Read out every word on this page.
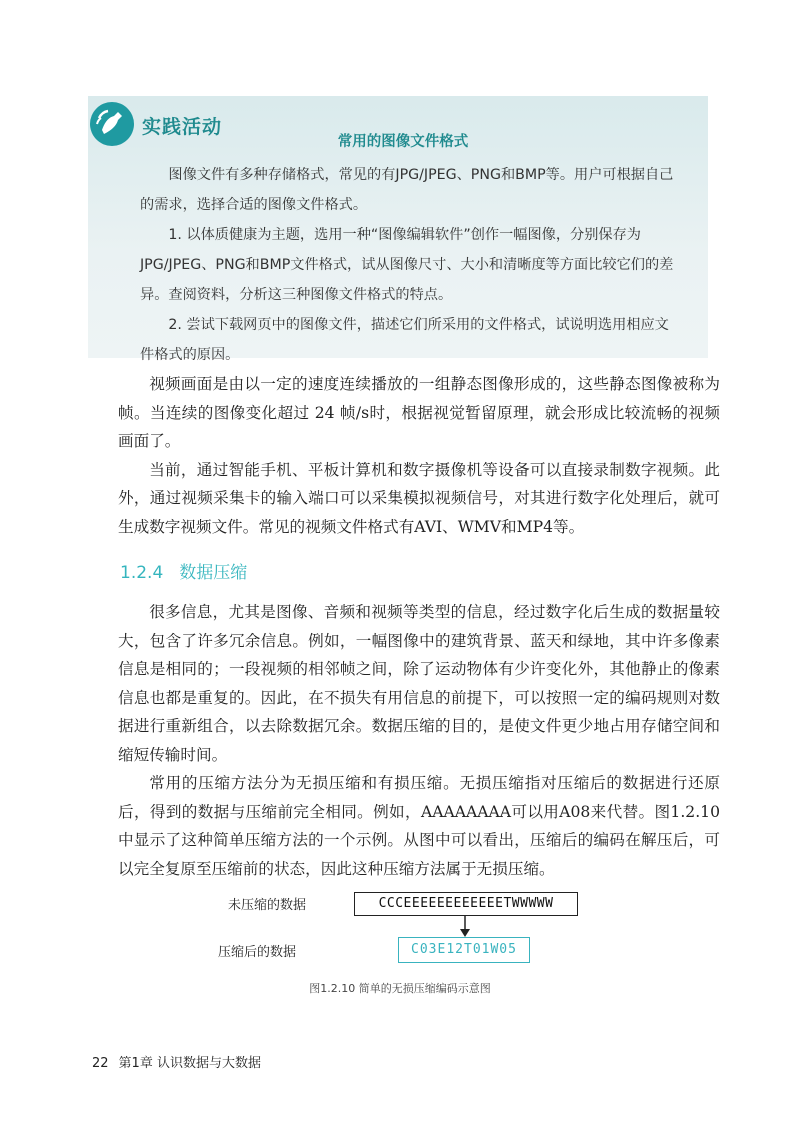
实践活动
常用的图像文件格式

图像文件有多种存储格式，常见的有JPG/JPEG、PNG和BMP等。用户可根据自己的需求，选择合适的图像文件格式。

1. 以体质健康为主题，选用一种“图像编辑软件”创作一幅图像，分别保存为JPG/JPEG、PNG和BMP文件格式，试从图像尺寸、大小和清晰度等方面比较它们的差异。查阅资料，分析这三种图像文件格式的特点。

2. 尝试下载网页中的图像文件，描述它们所采用的文件格式，试说明选用相应文件格式的原因。

视频画面是由以一定的速度连续播放的一组静态图像形成的，这些静态图像被称为帧。当连续的图像变化超过 24 帧/s时，根据视觉暂留原理，就会形成比较流畅的视频画面了。

当前，通过智能手机、平板计算机和数字摄像机等设备可以直接录制数字视频。此外，通过视频采集卡的输入端口可以采集模拟视频信号，对其进行数字化处理后，就可生成数字视频文件。常见的视频文件格式有AVI、WMV和MP4等。

1.2.4 数据压缩

很多信息，尤其是图像、音频和视频等类型的信息，经过数字化后生成的数据量较大，包含了许多冗余信息。例如，一幅图像中的建筑背景、蓝天和绿地，其中许多像素信息是相同的；一段视频的相邻帧之间，除了运动物体有少许变化外，其他静止的像素信息也都是重复的。因此，在不损失有用信息的前提下，可以按照一定的编码规则对数据进行重新组合，以去除数据冗余。数据压缩的目的，是使文件更少地占用存储空间和缩短传输时间。

常用的压缩方法分为无损压缩和有损压缩。无损压缩指对压缩后的数据进行还原后，得到的数据与压缩前完全相同。例如，AAAAAAAA可以用A08来代替。图1.2.10中显示了这种简单压缩方法的一个示例。从图中可以看出，压缩后的编码在解压后，可以完全复原至压缩前的状态，因此这种压缩方法属于无损压缩。

未压缩的数据	CCCEEEEEEEEEEEETWWWWW
压缩后的数据	C03E12T01W05
图1.2.10 简单的无损压缩编码示意图
22 第1章 认识数据与大数据
